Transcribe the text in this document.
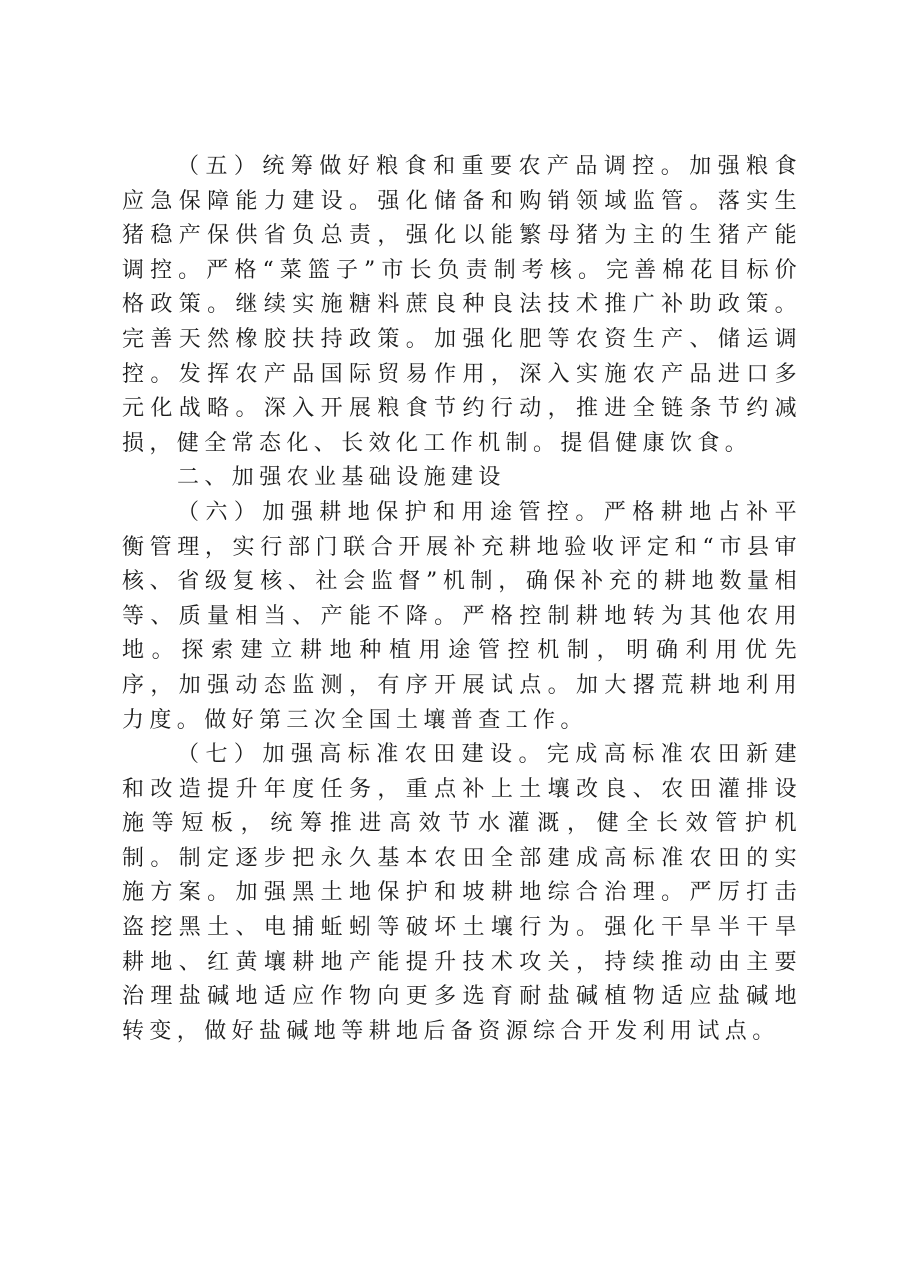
（五）统筹做好粮食和重要农产品调控。加强粮食应急保障能力建设。强化储备和购销领域监管。落实生猪稳产保供省负总责，强化以能繁母猪为主的生猪产能调控。严格“菜篮子”市长负责制考核。完善棉花目标价格政策。继续实施糖料蔗良种良法技术推广补助政策。完善天然橡胶扶持政策。加强化肥等农资生产、储运调控。发挥农产品国际贸易作用，深入实施农产品进口多元化战略。深入开展粮食节约行动，推进全链条节约减损，健全常态化、长效化工作机制。提倡健康饮食。

二、加强农业基础设施建设

（六）加强耕地保护和用途管控。严格耕地占补平衡管理，实行部门联合开展补充耕地验收评定和“市县审核、省级复核、社会监督”机制，确保补充的耕地数量相等、质量相当、产能不降。严格控制耕地转为其他农用地。探索建立耕地种植用途管控机制，明确利用优先序，加强动态监测，有序开展试点。加大撂荒耕地利用力度。做好第三次全国土壤普查工作。

（七）加强高标准农田建设。完成高标准农田新建和改造提升年度任务，重点补上土壤改良、农田灌排设施等短板，统筹推进高效节水灌溉，健全长效管护机制。制定逐步把永久基本农田全部建成高标准农田的实施方案。加强黑土地保护和坡耕地综合治理。严厉打击盗挖黑土、电捕蚯蚓等破坏土壤行为。强化干旱半干旱耕地、红黄壤耕地产能提升技术攻关，持续推动由主要治理盐碱地适应作物向更多选育耐盐碱植物适应盐碱地转变，做好盐碱地等耕地后备资源综合开发利用试点。
